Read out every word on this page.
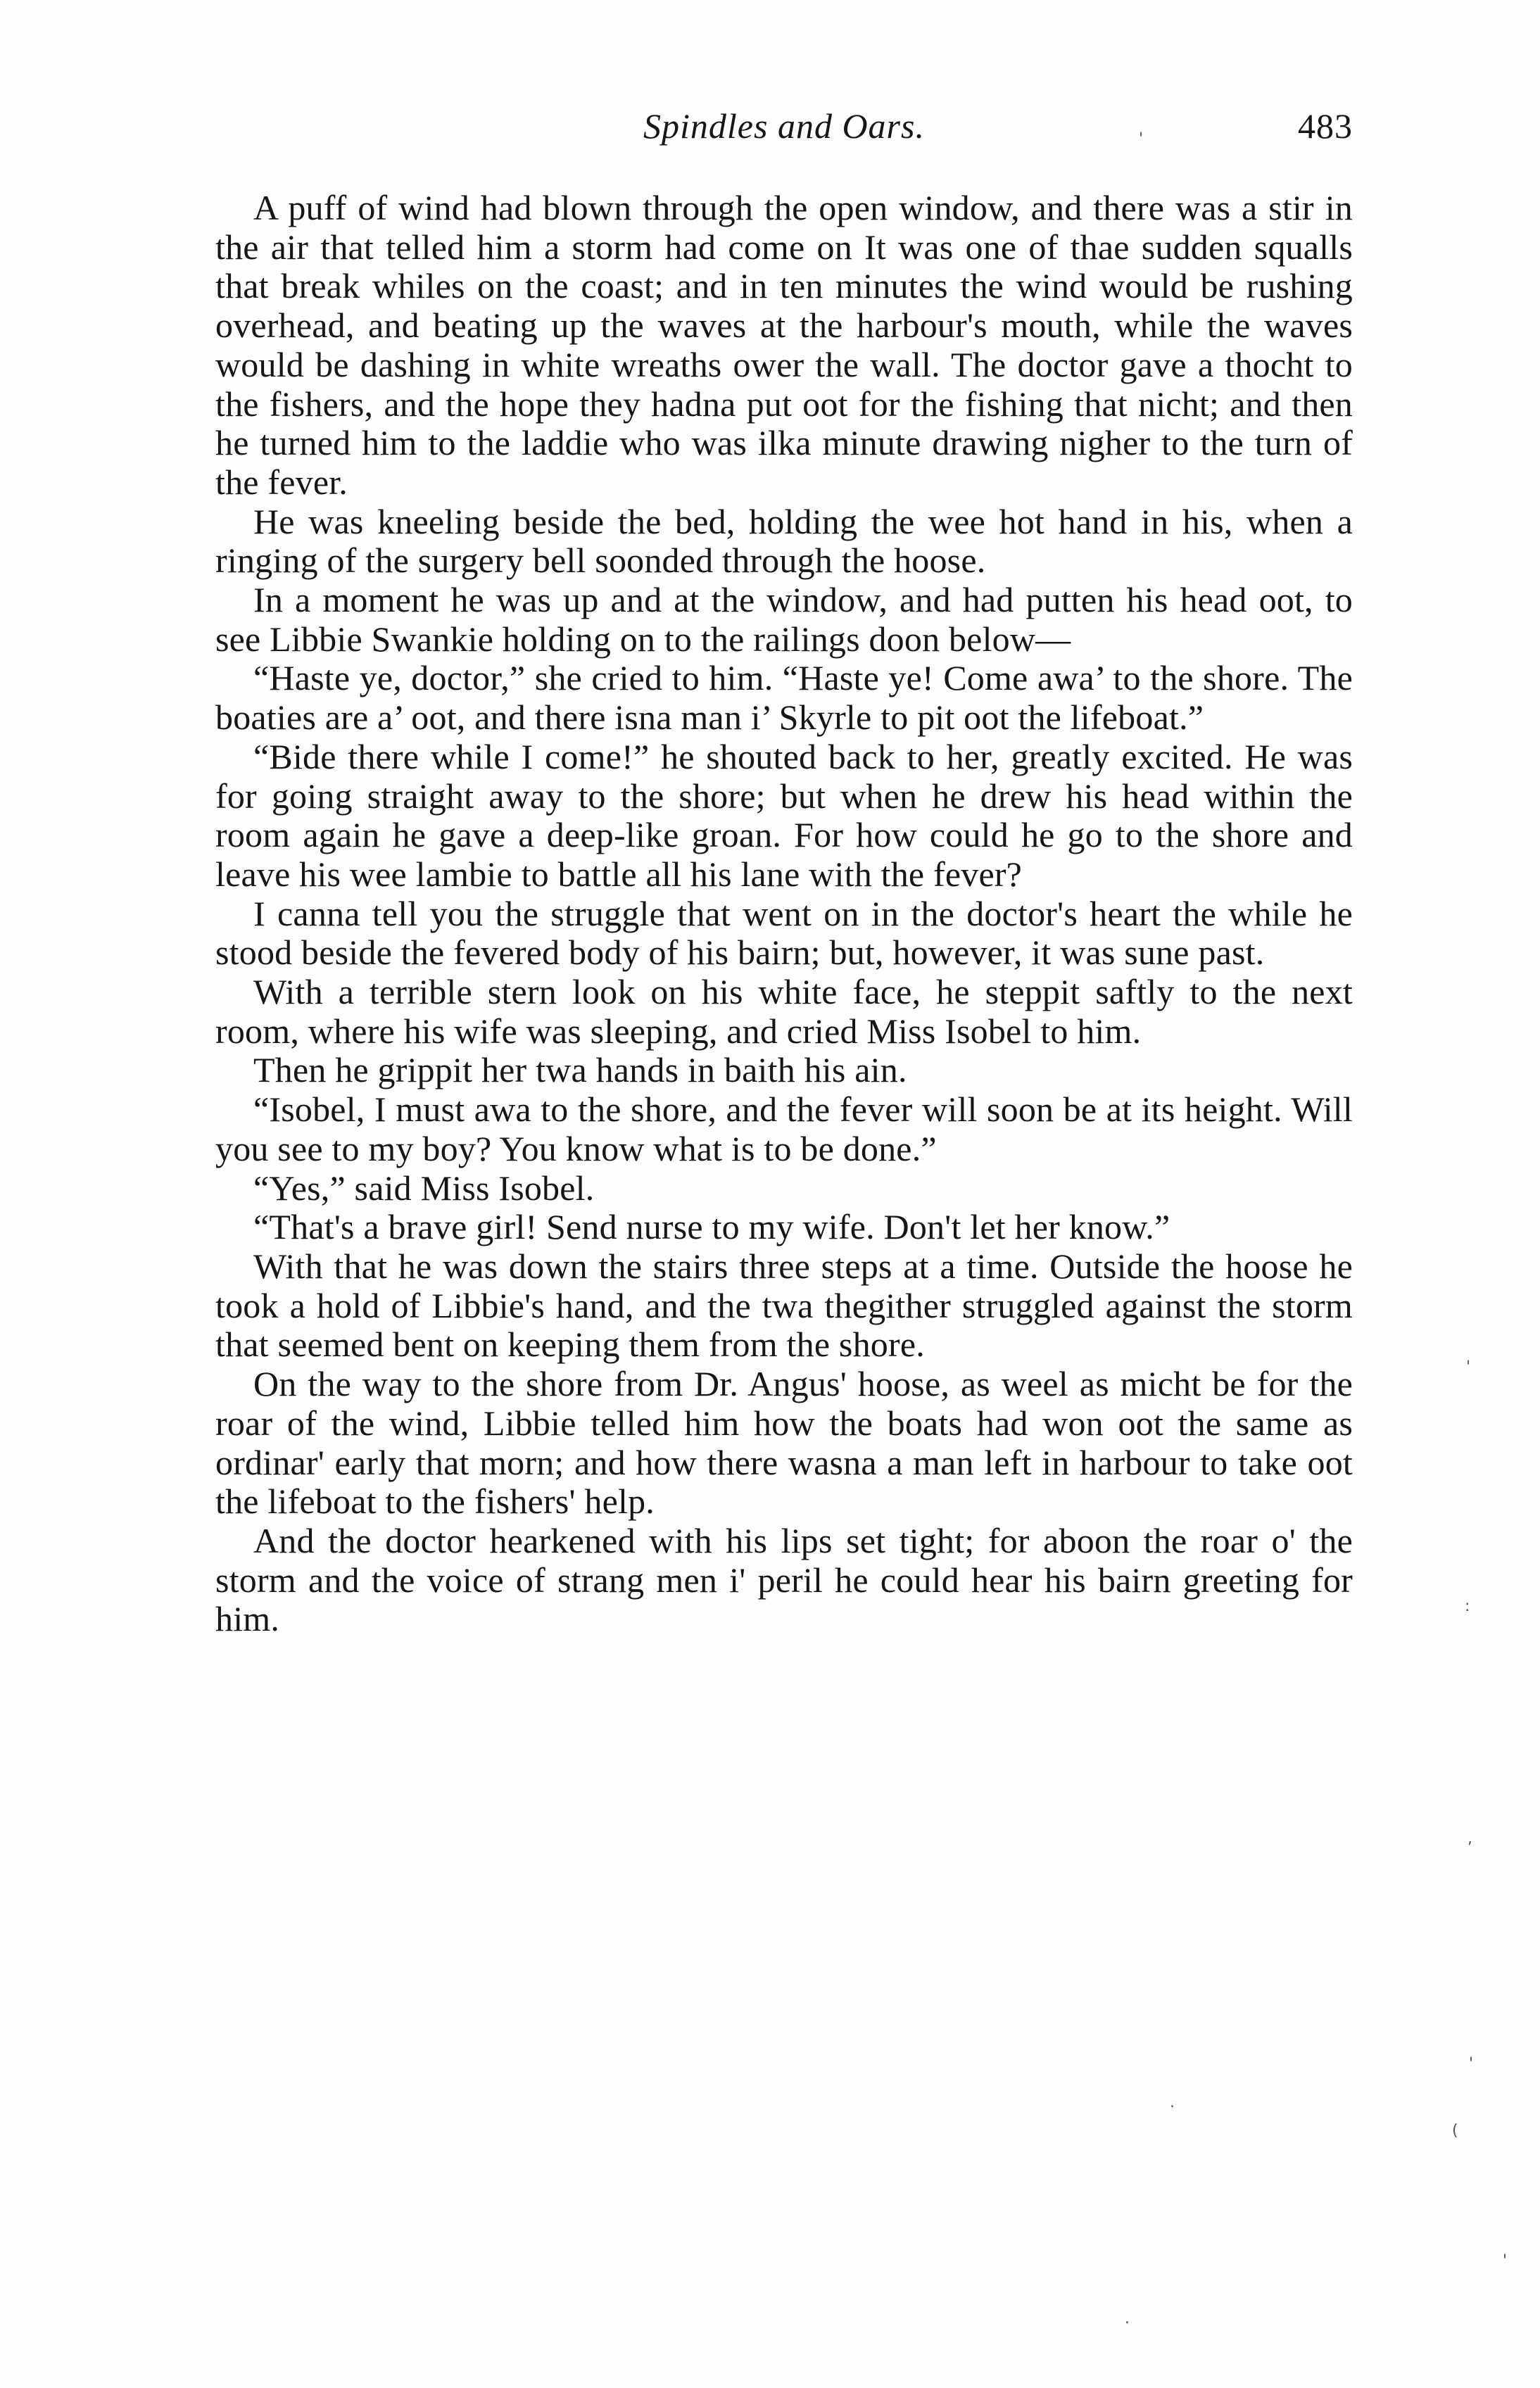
Spindles and Oars.	483

A puff of wind had blown through the open window, and there was a stir in the air that telled him a storm had come on It was one of thae sudden squalls that break whiles on the coast; and in ten minutes the wind would be rushing overhead, and beating up the waves at the harbour's mouth, while the waves would be dashing in white wreaths ower the wall. The doctor gave a thocht to the fishers, and the hope they hadna put oot for the fishing that nicht; and then he turned him to the laddie who was ilka minute drawing nigher to the turn of the fever.

He was kneeling beside the bed, holding the wee hot hand in his, when a ringing of the surgery bell soonded through the hoose.

In a moment he was up and at the window, and had putten his head oot, to see Libbie Swankie holding on to the railings doon below—

“Haste ye, doctor,” she cried to him. “Haste ye! Come awa’ to the shore. The boaties are a’ oot, and there isna man i’ Skyrle to pit oot the lifeboat.”

“Bide there while I come!” he shouted back to her, greatly excited. He was for going straight away to the shore; but when he drew his head within the room again he gave a deep-like groan. For how could he go to the shore and leave his wee lambie to battle all his lane with the fever?

I canna tell you the struggle that went on in the doctor's heart the while he stood beside the fevered body of his bairn; but, however, it was sune past.

With a terrible stern look on his white face, he steppit saftly to the next room, where his wife was sleeping, and cried Miss Isobel to him.

Then he grippit her twa hands in baith his ain.

“Isobel, I must awa to the shore, and the fever will soon be at its height. Will you see to my boy? You know what is to be done.”

“Yes,” said Miss Isobel.

“That's a brave girl! Send nurse to my wife. Don't let her know.”

With that he was down the stairs three steps at a time. Outside the hoose he took a hold of Libbie's hand, and the twa thegither struggled against the storm that seemed bent on keeping them from the shore.

On the way to the shore from Dr. Angus' hoose, as weel as micht be for the roar of the wind, Libbie telled him how the boats had won oot the same as ordinar' early that morn; and how there wasna a man left in harbour to take oot the lifeboat to the fishers' help.

And the doctor hearkened with his lips set tight; for aboon the roar o' the storm and the voice of strang men i' peril he could hear his bairn greeting for him.

'
:
,
'
(
'
.
.
'
